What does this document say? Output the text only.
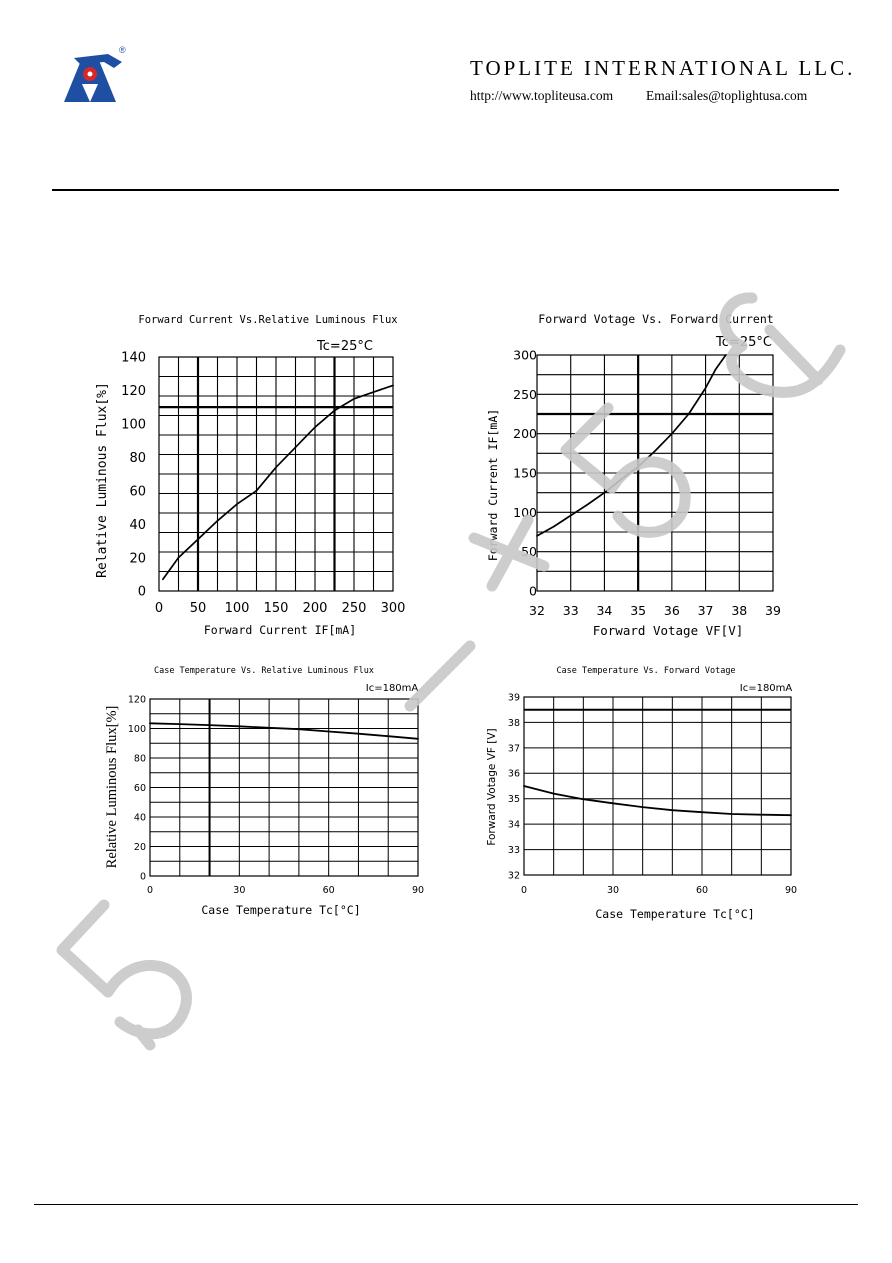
®
TOPLITE INTERNATIONAL LLC.
http://www.topliteusa.com Email:sales@toplightusa.com
0 50 100 150 200 250 300
0
20
40
60
80
100
120
140
Forward Current Vs.Relative Luminous Flux
Tc=25°C
Forward Current IF[mA]
Relative Luminous Flux[%]
32 33 34 35 36 37 38 39
0
50
100
150
200
250
300
Forward Votage Vs. Forward Current
Tc=25°C
Forward Votage VF[V]
Forward Current IF[mA]
0	30	60	90
0
20
40
60
80
100
120
Case Temperature Vs. Relative Luminous Flux
Ic=180mA
Case Temperature Tc[°C]
Relative Luminous Flux[%]
0	30	60	90
32
33
34
35
36
37
38
39
Case Temperature Vs. Forward Votage
Ic=180mA
Case Temperature Tc[°C]
Forward Votage VF [V]
